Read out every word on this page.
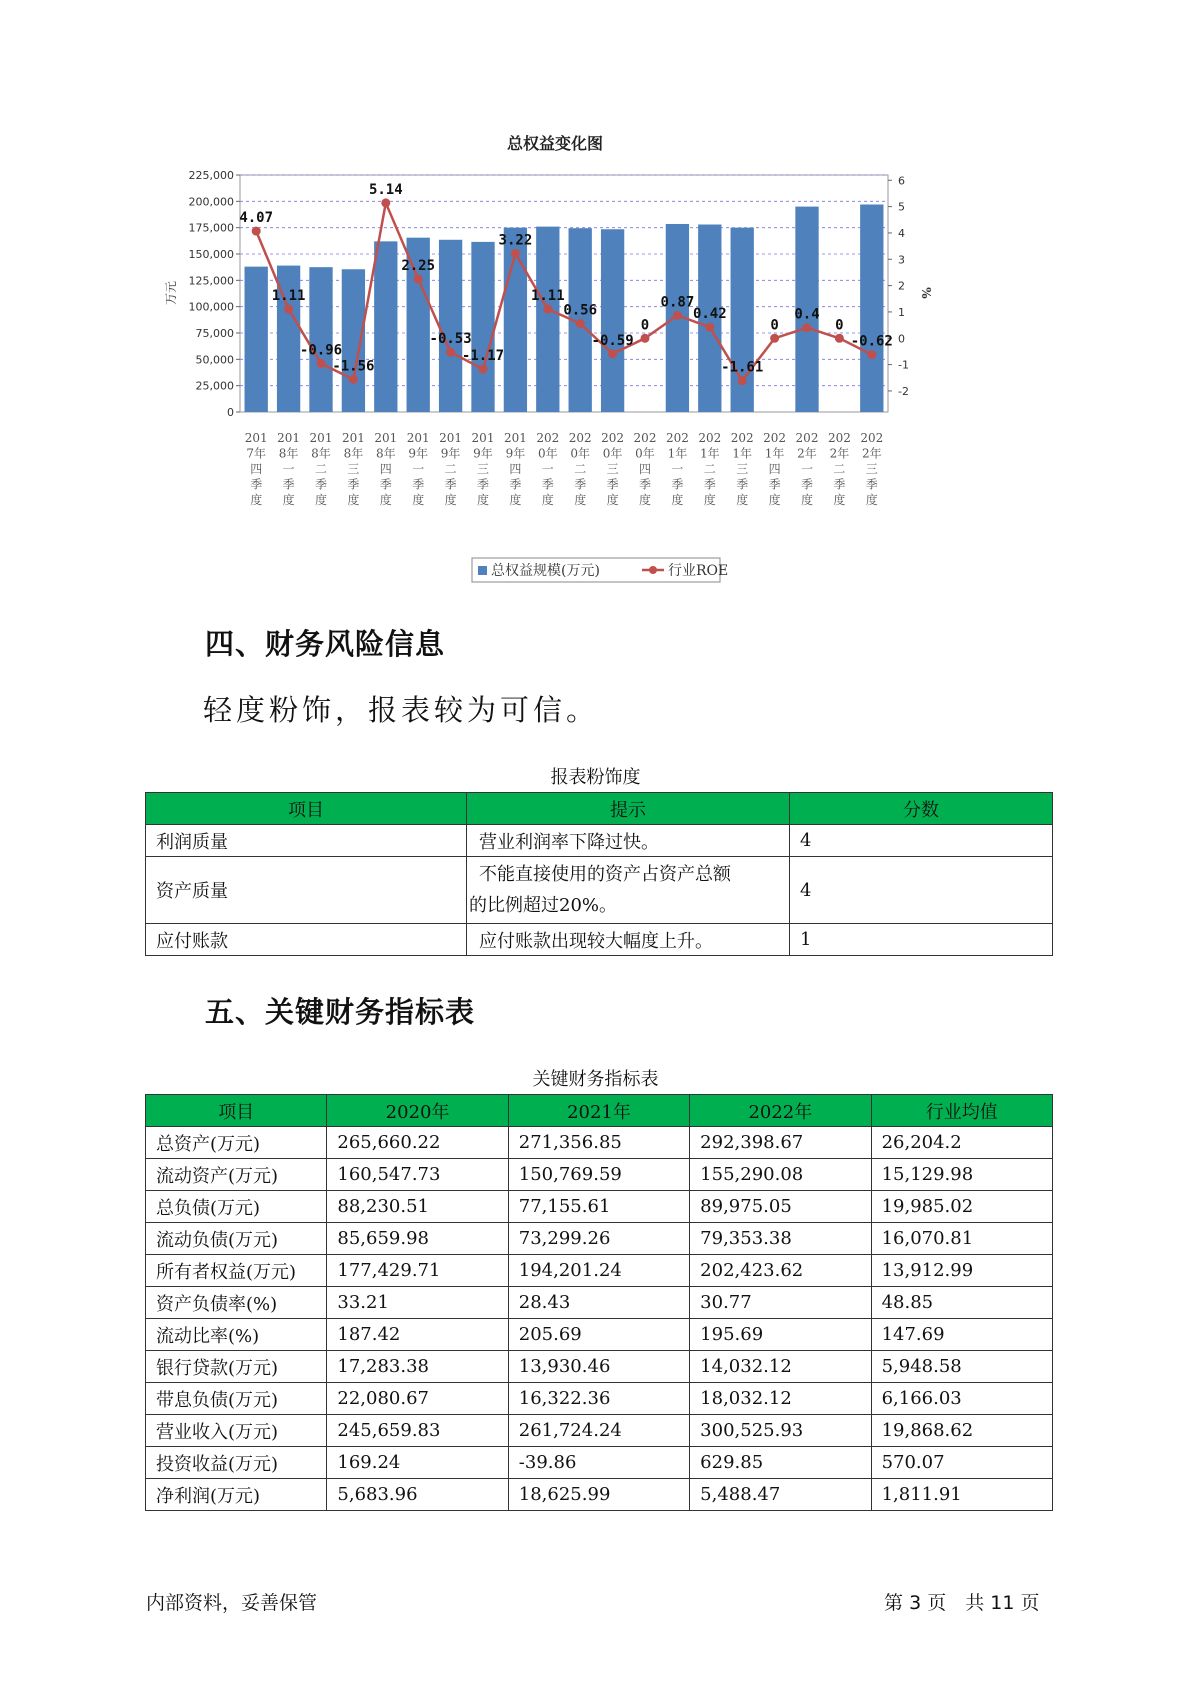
总权益变化图
0
25,000
50,000
75,000
100,000
125,000
150,000
175,000
200,000
225,000
万元
-2
-1
0
1
2
3
4
5
6
%
4.07
1.11
-0.96
-1.56
5.14
2.25
-0.53
-1.17
3.22
1.11
0.56
-0.59
0
0.87
0.42
-1.61
0
0.4
0
-0.62
201
7年
四
季
度
201
8年
一
季
度
201
8年
二
季
度
201
8年
三
季
度
201
8年
四
季
度
201
9年
一
季
度
201
9年
二
季
度
201
9年
三
季
度
201
9年
四
季
度
202
0年
一
季
度
202
0年
二
季
度
202
0年
三
季
度
202
0年
四
季
度
202
1年
一
季
度
202
1年
二
季
度
202
1年
三
季
度
202
1年
四
季
度
202
2年
一
季
度
202
2年
二
季
度
202
2年
三
季
度
总权益规模(万元)	行业ROE
四、财务风险信息
轻度粉饰，报表较为可信。
报表粉饰度
项目	提示	分数
利润质量	营业利润率下降过快。	4
资产质量	不能直接使用的资产占资产总额
的比例超过20%。	4
应付账款	应付账款出现较大幅度上升。	1
五、关键财务指标表
关键财务指标表
项目	2020年	2021年	2022年	行业均值
总资产(万元)	265,660.22	271,356.85	292,398.67	26,204.2
流动资产(万元)	160,547.73	150,769.59	155,290.08	15,129.98
总负债(万元)	88,230.51	77,155.61	89,975.05	19,985.02
流动负债(万元)	85,659.98	73,299.26	79,353.38	16,070.81
所有者权益(万元)	177,429.71	194,201.24	202,423.62	13,912.99
资产负债率(%)	33.21	28.43	30.77	48.85
流动比率(%)	187.42	205.69	195.69	147.69
银行贷款(万元)	17,283.38	13,930.46	14,032.12	5,948.58
带息负债(万元)	22,080.67	16,322.36	18,032.12	6,166.03
营业收入(万元)	245,659.83	261,724.24	300,525.93	19,868.62
投资收益(万元)	169.24	-39.86	629.85	570.07
净利润(万元)	5,683.96	18,625.99	5,488.47	1,811.91
内部资料，妥善保管	第 3 页　共 11 页
